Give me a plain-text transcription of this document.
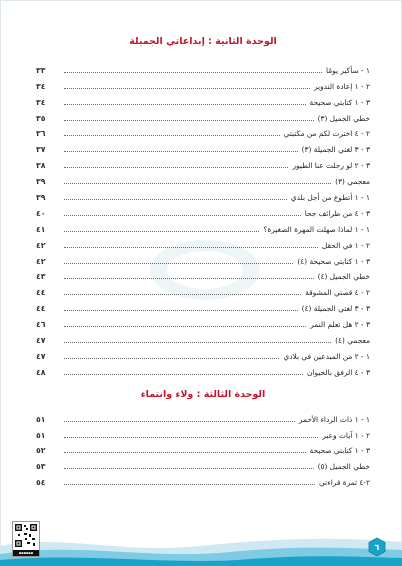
الوحدة الثانية : إبداعاتي الجميلة
١ - سأكبر يومًا
٣٣
٢ - ١ إعادة التدوير
٣٤
٣ - ١ كتابتي صحيحة
٣٤
خطي الجميل (٣)
٣٥
٢ - ٤ اخترت لكم من مكتبتي
٣٦
٣ - ٣ لغتي الجميلة (٣)
٣٧
٣ - ٢ لو رحلت عنا الطيور
٣٨
معجمي (٣)
٣٩
١ - ١ أتطوع من أجل بلدي
٣٩
٣ - ٤ من طرائف جحا
٤٠
١ - ١ لماذا صهلت المهرة الصغيرة؟
٤١
٢ - ١ في الحقل
٤٢
٣ - ١ كتابتي صحيحة (٤)
٤٢
خطي الجميل (٤)
٤٣
٢ - ٤ قصتي المشوقة
٤٤
٣ - ٣ لغتي الجميلة (٤)
٤٤
٣ - ٢ هل تعلم النمر
٤٦
معجمي (٤)
٤٧
١ - ٢ من المبدعين في بلادي
٤٧
٣ - ٤ الرفق بالحيوان
٤٨
الوحدة الثالثة : ولاء وانتماء
١ - ١ ذات الرداء الأحمر
٥١
٢ - ١ آيات وعبر
٥١
٣ - ١ كتابتي صحيحة
٥٢
خطي الجميل (٥)
٥٣
٢-٤ ثمرة قراءتي
٥٤
▪▪▪▪▪▪
٦
